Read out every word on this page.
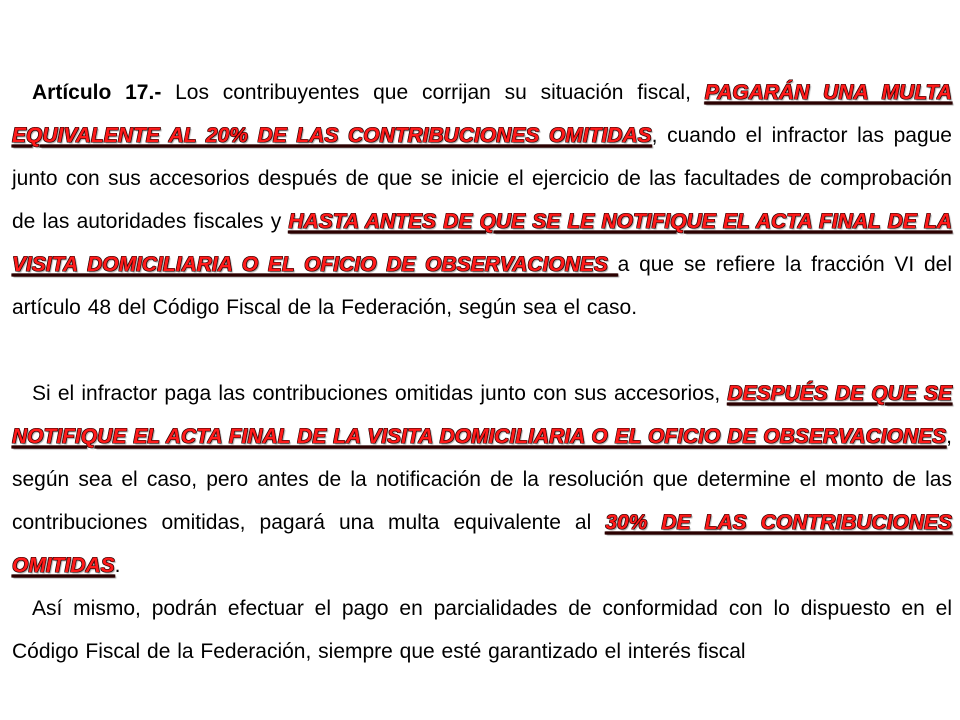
Artículo 17.- Los contribuyentes que corrijan su situación fiscal, PAGARÁN UNA MULTA EQUIVALENTE AL 20% DE LAS CONTRIBUCIONES OMITIDAS, cuando el infractor las pague junto con sus accesorios después de que se inicie el ejercicio de las facultades de comprobación de las autoridades fiscales y HASTA ANTES DE QUE SE LE NOTIFIQUE EL ACTA FINAL DE LA VISITA DOMICILIARIA O EL OFICIO DE OBSERVACIONES a que se refiere la fracción VI del artículo 48 del Código Fiscal de la Federación, según sea el caso.

Si el infractor paga las contribuciones omitidas junto con sus accesorios, DESPUÉS DE QUE SE NOTIFIQUE EL ACTA FINAL DE LA VISITA DOMICILIARIA O EL OFICIO DE OBSERVACIONES, según sea el caso, pero antes de la notificación de la resolución que determine el monto de las contribuciones omitidas, pagará una multa equivalente al 30% DE LAS CONTRIBUCIONES OMITIDAS.

Así mismo, podrán efectuar el pago en parcialidades de conformidad con lo dispuesto en el Código Fiscal de la Federación, siempre que esté garantizado el interés fiscal
